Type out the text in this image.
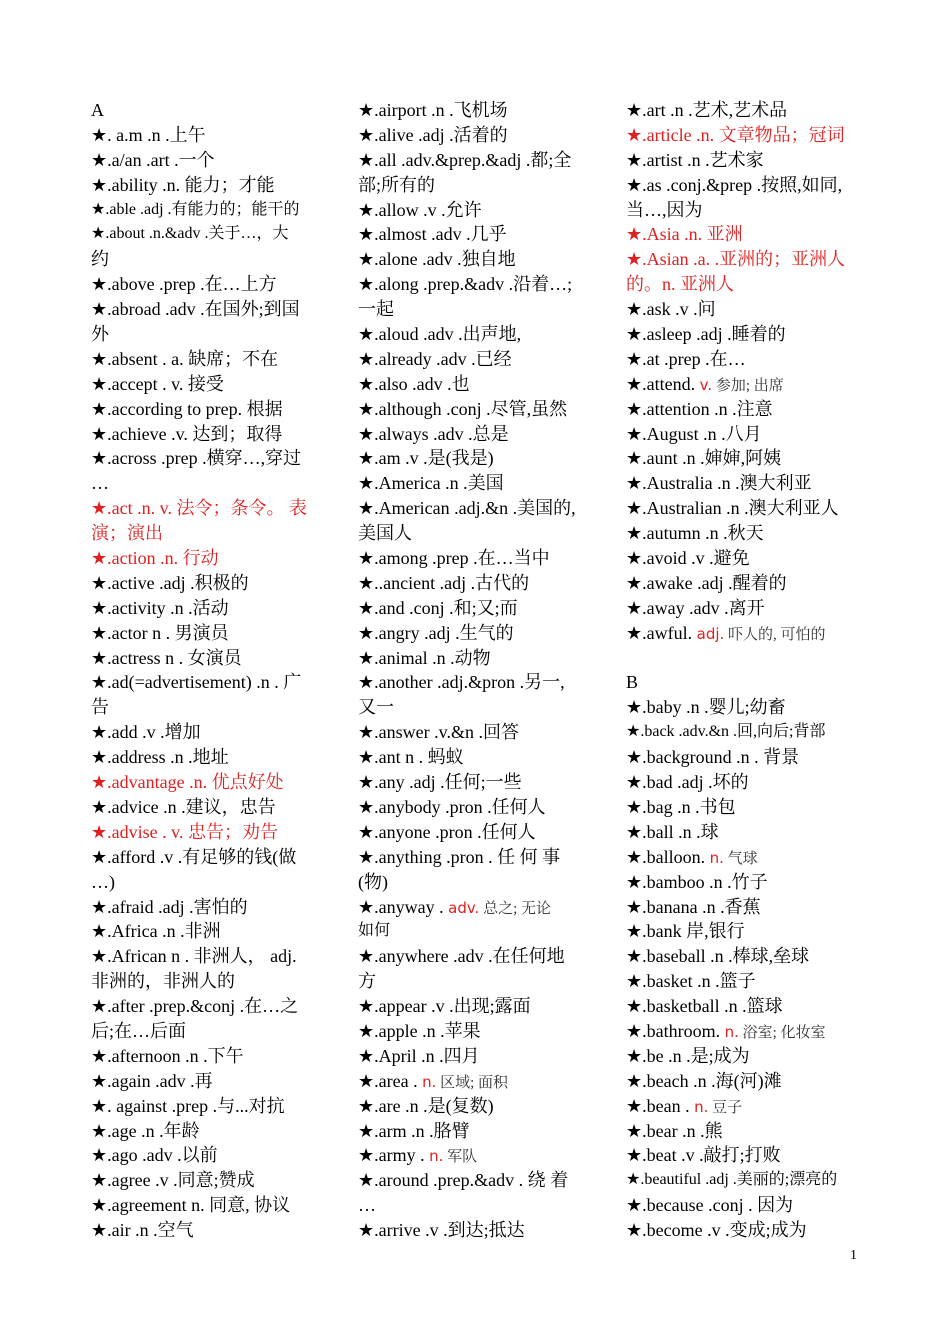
A
★. a.m .n .上午
★.a/an .art .一个
★.ability .n. 能力；才能
★.able .adj .有能力的；能干的
★.about .n.&adv .关于…，大
约
★.above .prep .在…上方
★.abroad .adv .在国外;到国
外
★.absent . a. 缺席；不在
★.accept . v. 接受
★.according to prep. 根据
★.achieve .v. 达到；取得
★.across .prep .横穿…,穿过
…
★.act .n. v. 法令；条令。 表
演；演出
★.action .n. 行动
★.active .adj .积极的
★.activity .n .活动
★.actor n . 男演员
★.actress n . 女演员
★.ad(=advertisement) .n . 广
告
★.add .v .增加
★.address .n .地址
★.advantage .n. 优点好处
★.advice .n .建议，忠告
★.advise . v. 忠告；劝告
★.afford .v .有足够的钱(做
…)
★.afraid .adj .害怕的
★.Africa .n .非洲
★.African n . 非洲人， adj.
非洲的，非洲人的
★.after .prep.&conj .在…之
后;在…后面
★.afternoon .n .下午
★.again .adv .再
★. against .prep .与...对抗
★.age .n .年龄
★.ago .adv .以前
★.agree .v .同意;赞成
★.agreement n. 同意, 协议
★.air .n .空气
★.airport .n .飞机场
★.alive .adj .活着的
★.all .adv.&prep.&adj .都;全
部;所有的
★.allow .v .允许
★.almost .adv .几乎
★.alone .adv .独自地
★.along .prep.&adv .沿着…;
一起
★.aloud .adv .出声地,
★.already .adv .已经
★.also .adv .也
★.although .conj .尽管,虽然
★.always .adv .总是
★.am .v .是(我是)
★.America .n .美国
★.American .adj.&n .美国的,
美国人
★.among .prep .在…当中
★..ancient .adj .古代的
★.and .conj .和;又;而
★.angry .adj .生气的
★.animal .n .动物
★.another .adj.&pron .另一,
又一
★.answer .v.&n .回答
★.ant n . 蚂蚁
★.any .adj .任何;一些
★.anybody .pron .任何人
★.anyone .pron .任何人
★.anything .pron . 任 何 事
(物)
★.anyway . adv. 总之; 无论
如何
★.anywhere .adv .在任何地
方
★.appear .v .出现;露面
★.apple .n .苹果
★.April .n .四月
★.area . n. 区域; 面积
★.are .n .是(复数)
★.arm .n .胳臂
★.army . n. 军队
★.around .prep.&adv . 绕 着
…
★.arrive .v .到达;抵达
★.art .n .艺术,艺术品
★.article .n. 文章物品；冠词
★.artist .n .艺术家
★.as .conj.&prep .按照,如同,
当…,因为
★.Asia .n. 亚洲
★.Asian .a. .亚洲的；亚洲人
的。n. 亚洲人
★.ask .v .问
★.asleep .adj .睡着的
★.at .prep .在…
★.attend. v. 参加; 出席
★.attention .n .注意
★.August .n .八月
★.aunt .n .婶婶,阿姨
★.Australia .n .澳大利亚
★.Australian .n .澳大利亚人
★.autumn .n .秋天
★.avoid .v .避免
★.awake .adj .醒着的
★.away .adv .离开
★.awful. adj. 吓人的, 可怕的
B
★.baby .n .婴儿;幼畜
★.back .adv.&n .回,向后;背部
★.background .n . 背景
★.bad .adj .坏的
★.bag .n .书包
★.ball .n .球
★.balloon. n. 气球
★.bamboo .n .竹子
★.banana .n .香蕉
★.bank 岸,银行
★.baseball .n .棒球,垒球
★.basket .n .篮子
★.basketball .n .篮球
★.bathroom. n. 浴室; 化妆室
★.be .n .是;成为
★.beach .n .海(河)滩
★.bean . n. 豆子
★.bear .n .熊
★.beat .v .敲打;打败
★.beautiful .adj .美丽的;漂亮的
★.because .conj . 因为
★.become .v .变成;成为
1
